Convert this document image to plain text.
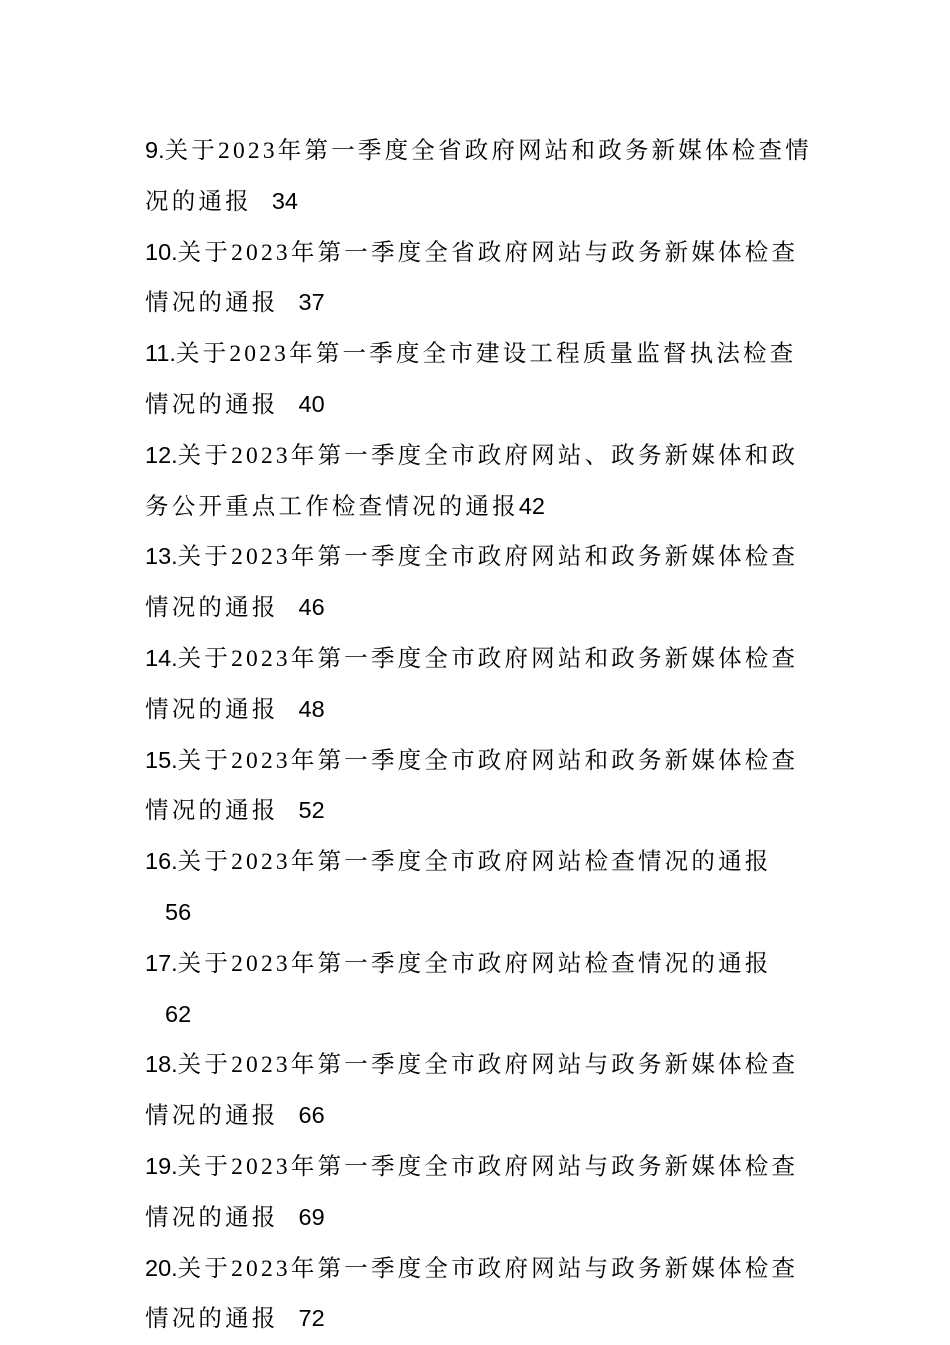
9.关于2023年第一季度全省政府网站和政务新媒体检查情况的通报 34
10.关于2023年第一季度全省政府网站与政务新媒体检查情况的通报 37
11.关于2023年第一季度全市建设工程质量监督执法检查情况的通报 40
12.关于2023年第一季度全市政府网站、政务新媒体和政务公开重点工作检查情况的通报42
13.关于2023年第一季度全市政府网站和政务新媒体检查情况的通报 46
14.关于2023年第一季度全市政府网站和政务新媒体检查情况的通报 48
15.关于2023年第一季度全市政府网站和政务新媒体检查情况的通报 52
16.关于2023年第一季度全市政府网站检查情况的通报56
17.关于2023年第一季度全市政府网站检查情况的通报62
18.关于2023年第一季度全市政府网站与政务新媒体检查情况的通报 66
19.关于2023年第一季度全市政府网站与政务新媒体检查情况的通报 69
20.关于2023年第一季度全市政府网站与政务新媒体检查情况的通报 72
